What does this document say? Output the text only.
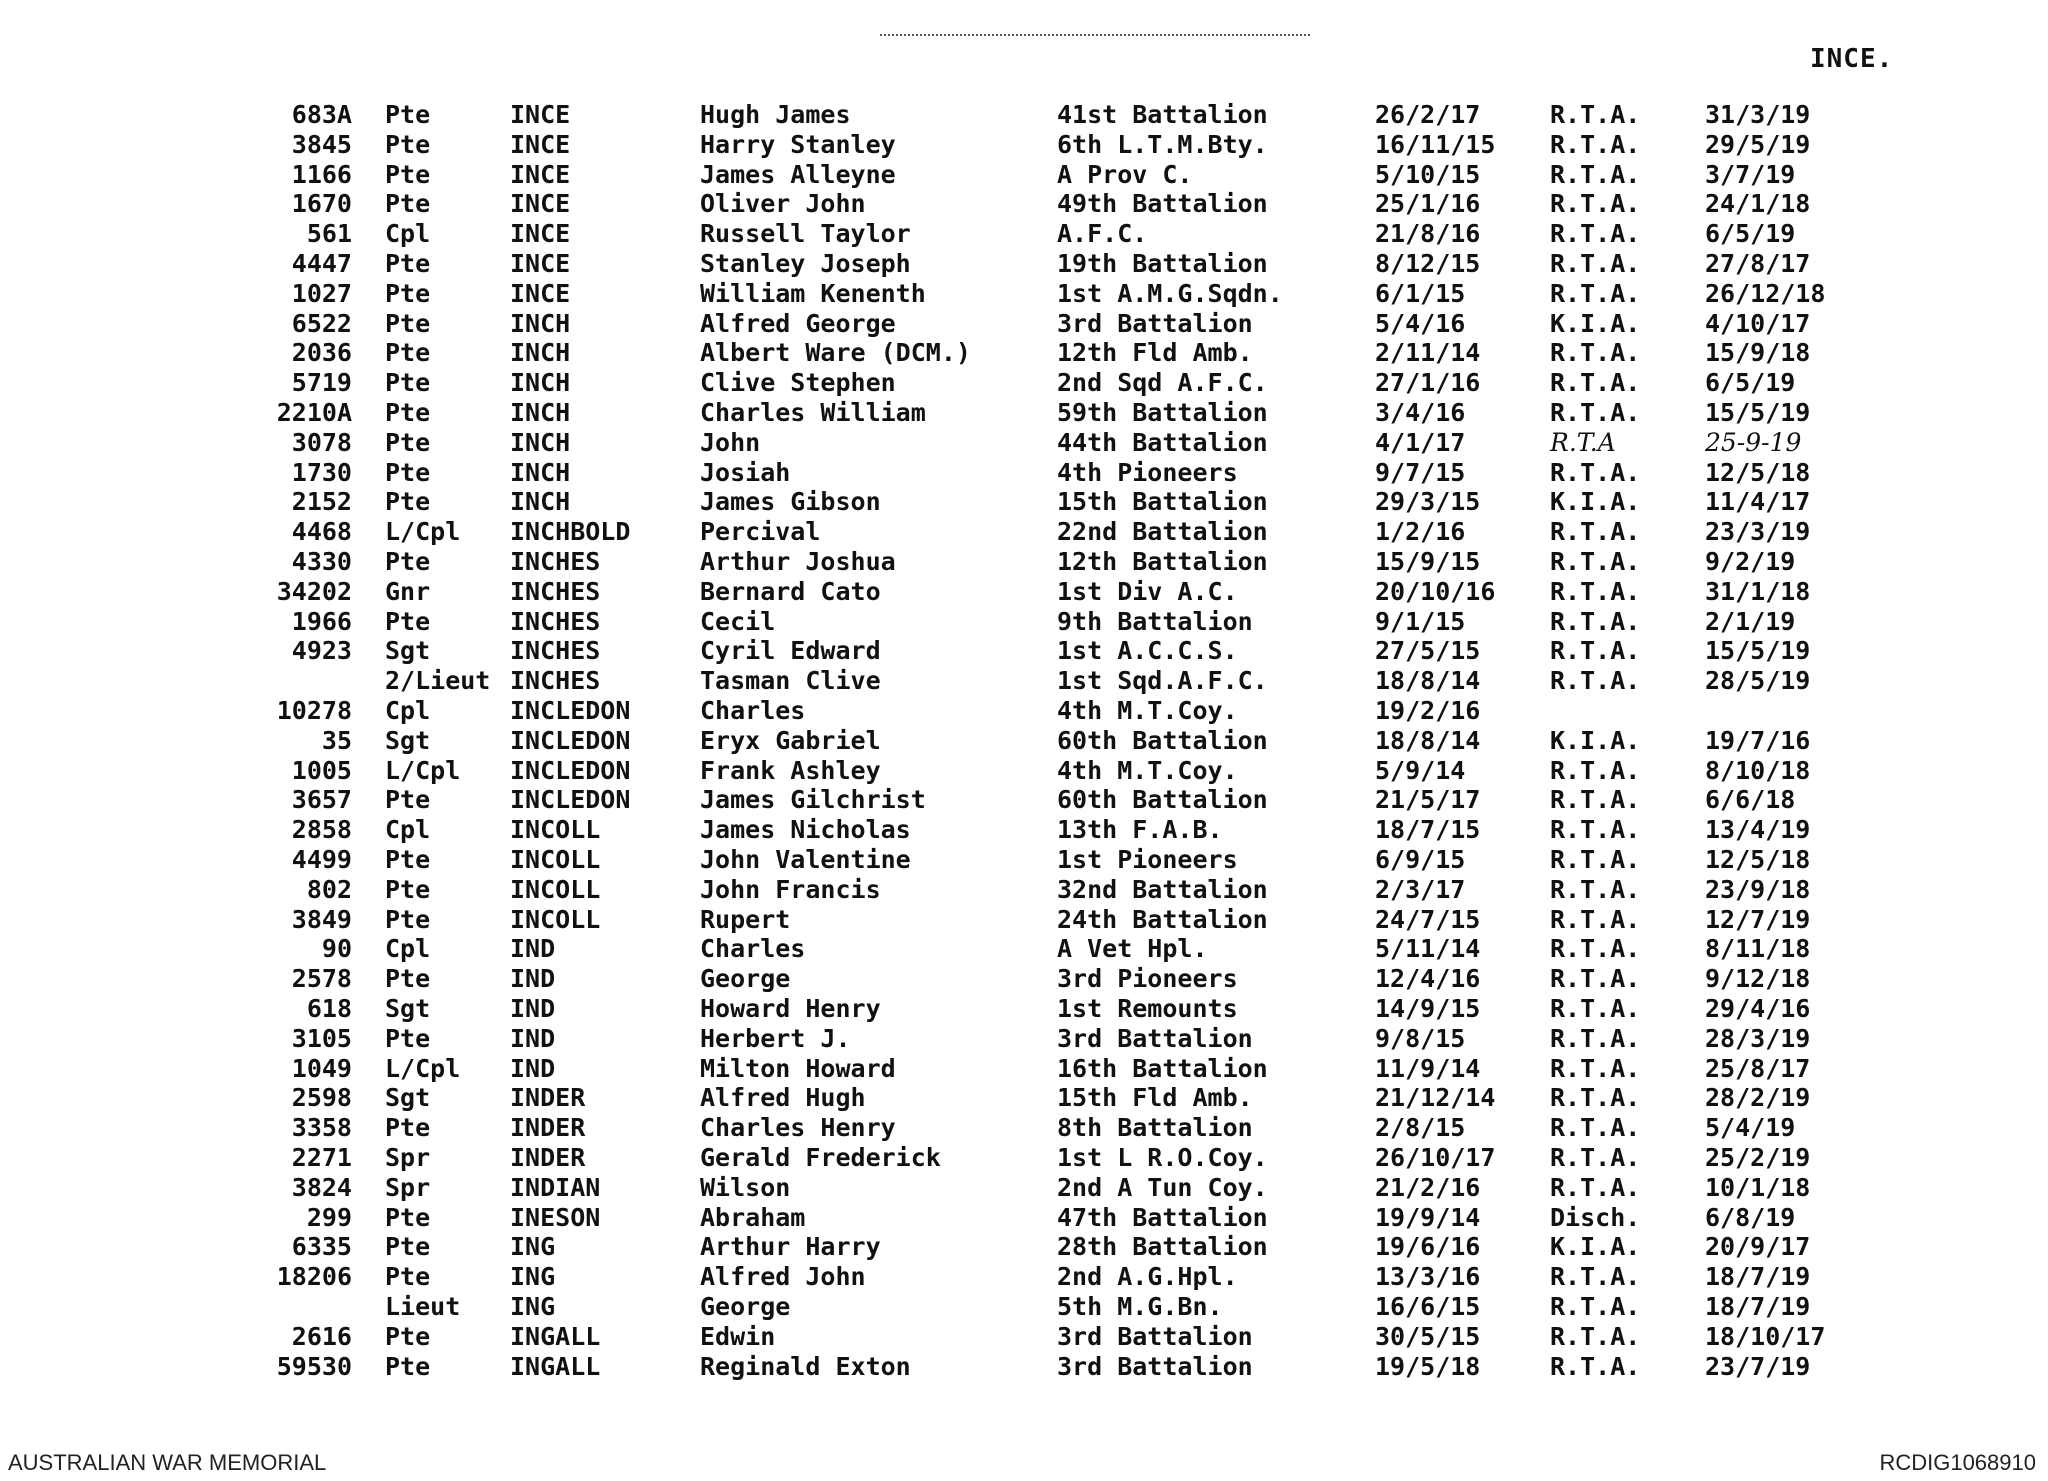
INCE.
683A Pte	INCE	Hugh James	41st Battalion	26/2/17	R.T.A.	31/3/19
3845 Pte	INCE	Harry Stanley	6th L.T.M.Bty.	16/11/15 R.T.A.	29/5/19
1166 Pte	INCE	James Alleyne	A Prov C.	5/10/15	R.T.A.	3/7/19
1670 Pte	INCE	Oliver John	49th Battalion	25/1/16	R.T.A.	24/1/18
561 Cpl	INCE	Russell Taylor	A.F.C.	21/8/16	R.T.A.	6/5/19
4447 Pte	INCE	Stanley Joseph	19th Battalion	8/12/15	R.T.A.	27/8/17
1027 Pte	INCE	William Kenenth	1st A.M.G.Sqdn.	6/1/15	R.T.A.	26/12/18
6522 Pte	INCH	Alfred George	3rd Battalion	5/4/16	K.I.A.	4/10/17
2036 Pte	INCH	Albert Ware (DCM.)	12th Fld Amb.	2/11/14	R.T.A.	15/9/18
5719 Pte	INCH	Clive Stephen	2nd Sqd A.F.C.	27/1/16	R.T.A.	6/5/19
2210A Pte	INCH	Charles William	59th Battalion	3/4/16	R.T.A.	15/5/19
3078 Pte	INCH	John	44th Battalion	4/1/17	R.T.A	25-9-19
1730 Pte	INCH	Josiah	4th Pioneers	9/7/15	R.T.A.	12/5/18
2152 Pte	INCH	James Gibson	15th Battalion	29/3/15	K.I.A.	11/4/17
4468 L/Cpl INCHBOLD	Percival	22nd Battalion	1/2/16	R.T.A.	23/3/19
4330 Pte	INCHES	Arthur Joshua	12th Battalion	15/9/15	R.T.A.	9/2/19
34202 Gnr	INCHES	Bernard Cato	1st Div A.C.	20/10/16 R.T.A.	31/1/18
1966 Pte	INCHES	Cecil	9th Battalion	9/1/15	R.T.A.	2/1/19
4923 Sgt	INCHES	Cyril Edward	1st A.C.C.S.	27/5/15	R.T.A.	15/5/19
2/Lieut INCHES	Tasman Clive	1st Sqd.A.F.C.	18/8/14	R.T.A.	28/5/19
10278 Cpl	INCLEDON	Charles	4th M.T.Coy.	19/2/16
35 Sgt	INCLEDON	Eryx Gabriel	60th Battalion	18/8/14	K.I.A.	19/7/16
1005 L/Cpl INCLEDON	Frank Ashley	4th M.T.Coy.	5/9/14	R.T.A.	8/10/18
3657 Pte	INCLEDON	James Gilchrist	60th Battalion	21/5/17	R.T.A.	6/6/18
2858 Cpl	INCOLL	James Nicholas	13th F.A.B.	18/7/15	R.T.A.	13/4/19
4499 Pte	INCOLL	John Valentine	1st Pioneers	6/9/15	R.T.A.	12/5/18
802 Pte	INCOLL	John Francis	32nd Battalion	2/3/17	R.T.A.	23/9/18
3849 Pte	INCOLL	Rupert	24th Battalion	24/7/15	R.T.A.	12/7/19
90 Cpl	IND	Charles	A Vet Hpl.	5/11/14	R.T.A.	8/11/18
2578 Pte	IND	George	3rd Pioneers	12/4/16	R.T.A.	9/12/18
618 Sgt	IND	Howard Henry	1st Remounts	14/9/15	R.T.A.	29/4/16
3105 Pte	IND	Herbert J.	3rd Battalion	9/8/15	R.T.A.	28/3/19
1049 L/Cpl IND	Milton Howard	16th Battalion	11/9/14	R.T.A.	25/8/17
2598 Sgt	INDER	Alfred Hugh	15th Fld Amb.	21/12/14 R.T.A.	28/2/19
3358 Pte	INDER	Charles Henry	8th Battalion	2/8/15	R.T.A.	5/4/19
2271 Spr	INDER	Gerald Frederick	1st L R.O.Coy.	26/10/17 R.T.A.	25/2/19
3824 Spr	INDIAN	Wilson	2nd A Tun Coy.	21/2/16	R.T.A.	10/1/18
299 Pte	INESON	Abraham	47th Battalion	19/9/14	Disch.	6/8/19
6335 Pte	ING	Arthur Harry	28th Battalion	19/6/16	K.I.A.	20/9/17
18206 Pte	ING	Alfred John	2nd A.G.Hpl.	13/3/16	R.T.A.	18/7/19
Lieut ING	George	5th M.G.Bn.	16/6/15	R.T.A.	18/7/19
2616 Pte	INGALL	Edwin	3rd Battalion	30/5/15	R.T.A.	18/10/17
59530 Pte	INGALL	Reginald Exton	3rd Battalion	19/5/18	R.T.A.	23/7/19
AUSTRALIAN WAR MEMORIAL	RCDIG1068910
